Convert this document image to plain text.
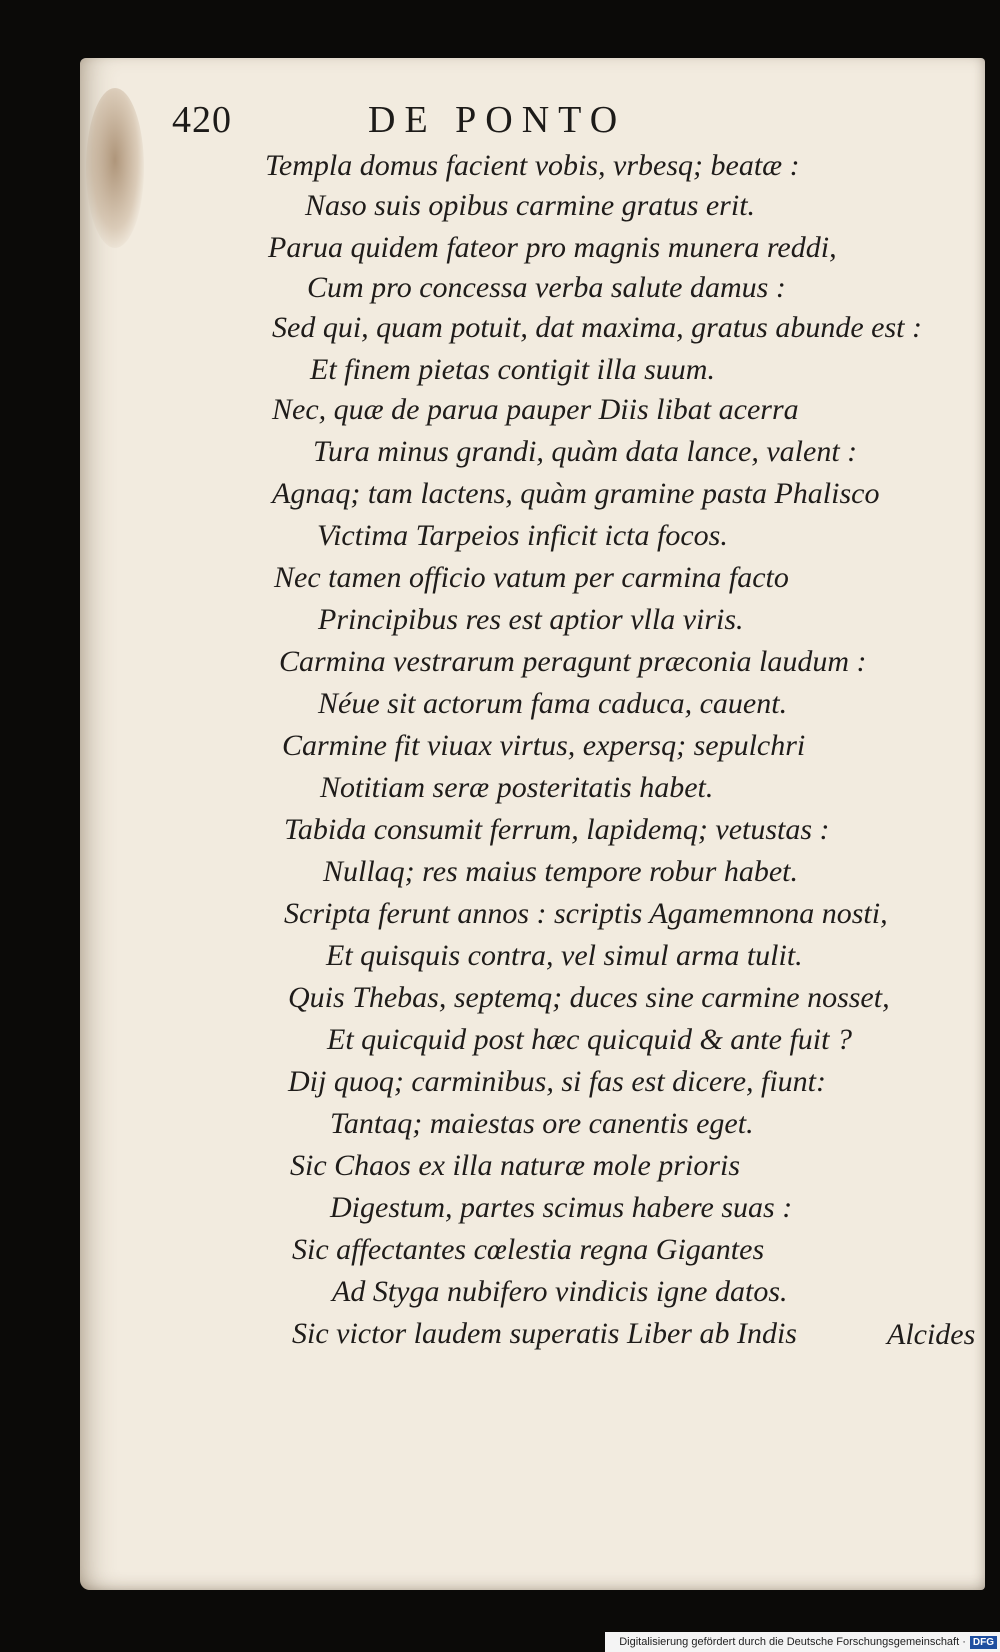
420	DE PONTO
Templa domus facient vobis, vrbesq; beatæ :
Naso suis opibus carmine gratus erit.
Parua quidem fateor pro magnis munera reddi,
Cum pro concessa verba salute damus :
Sed qui, quam potuit, dat maxima, gratus abunde est :
Et finem pietas contigit illa suum.
Nec, quæ de parua pauper Diis libat acerra
Tura minus grandi, quàm data lance, valent :
Agnaq; tam lactens, quàm gramine pasta Phalisco
Victima Tarpeios inficit icta focos.
Nec tamen officio vatum per carmina facto
Principibus res est aptior vlla viris.
Carmina vestrarum peragunt præconia laudum :
Néue sit actorum fama caduca, cauent.
Carmine fit viuax virtus, expersq; sepulchri
Notitiam seræ posteritatis habet.
Tabida consumit ferrum, lapidemq; vetustas :
Nullaq; res maius tempore robur habet.
Scripta ferunt annos : scriptis Agamemnona nosti,
Et quisquis contra, vel simul arma tulit.
Quis Thebas, septemq; duces sine carmine nosset,
Et quicquid post hæc quicquid & ante fuit ?
Dij quoq; carminibus, si fas est dicere, fiunt:
Tantaq; maiestas ore canentis eget.
Sic Chaos ex illa naturæ mole prioris
Digestum, partes scimus habere suas :
Sic affectantes cœlestia regna Gigantes
Ad Styga nubifero vindicis igne datos.
Sic victor laudem superatis Liber ab Indis	Alcides
Digitalisierung gefördert durch die Deutsche Forschungsgemeinschaft · DFG
